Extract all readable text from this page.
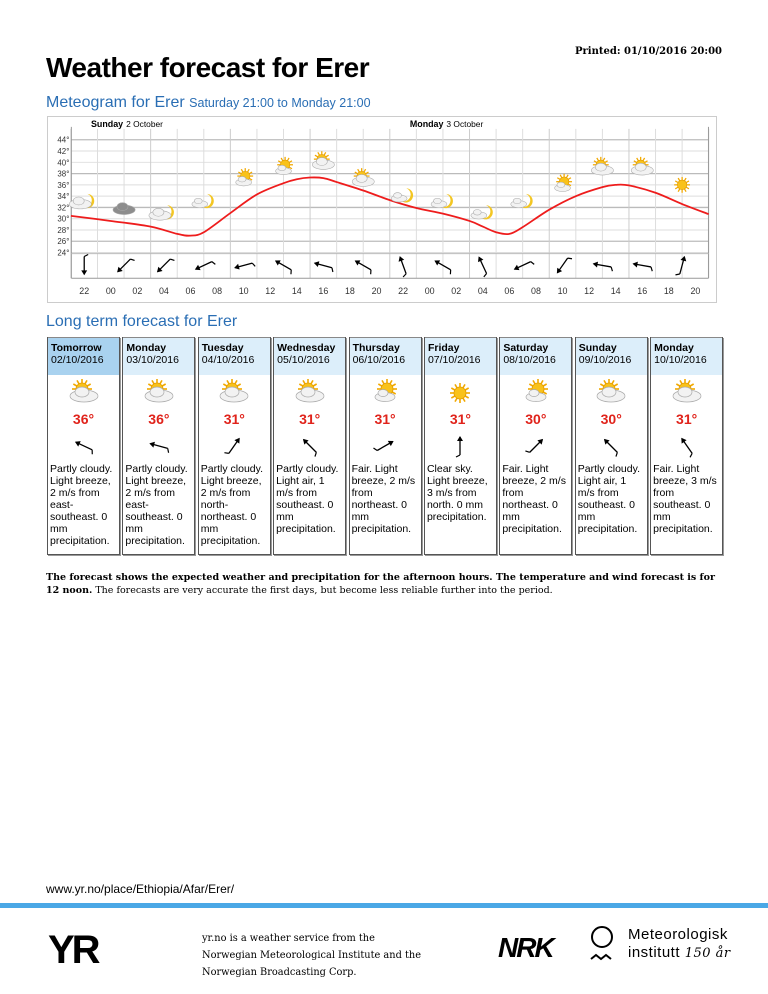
Printed: 01/10/2016 20:00
Weather forecast for Erer
Meteogram for Erer Saturday 21:00 to Monday 21:00
44°
42°
40°
38°
36°
34°
32°
30°
28°
26°
24°
22 00 02 04 06 08 10 12 14 16 18 20 22 00 02 04 06 08 10 12 14 16 18 20
Sunday 2 October	Monday 3 October
Long term forecast for Erer
Tomorrow
02/10/2016
36°
Partly cloudy. Light breeze, 2 m/s from east-southeast. 0 mm precipitation.
Monday
03/10/2016
36°
Partly cloudy. Light breeze, 2 m/s from east-southeast. 0 mm precipitation.
Tuesday
04/10/2016
31°
Partly cloudy. Light breeze, 2 m/s from north-northeast. 0 mm precipitation.
Wednesday
05/10/2016
31°
Partly cloudy. Light air, 1 m/s from southeast. 0 mm precipitation.
Thursday
06/10/2016
31°
Fair. Light breeze, 2 m/s from northeast. 0 mm precipitation.
Friday
07/10/2016
31°
Clear sky. Light breeze, 3 m/s from north. 0 mm precipitation.
Saturday
08/10/2016
30°
Fair. Light breeze, 2 m/s from northeast. 0 mm precipitation.
Sunday
09/10/2016
30°
Partly cloudy. Light air, 1 m/s from southeast. 0 mm precipitation.
Monday
10/10/2016
31°
Fair. Light breeze, 3 m/s from southeast. 0 mm precipitation.
The forecast shows the expected weather and precipitation for the afternoon hours. The temperature and wind forecast is for 12 noon. The forecasts are very accurate the first days, but become less reliable further into the period.
www.yr.no/place/Ethiopia/Afar/Erer/
YR	yr.no is a weather service from the Norwegian Meteorological Institute and the Norwegian Broadcasting Corp.
NRK	Meteorologisk
institutt 150 år
